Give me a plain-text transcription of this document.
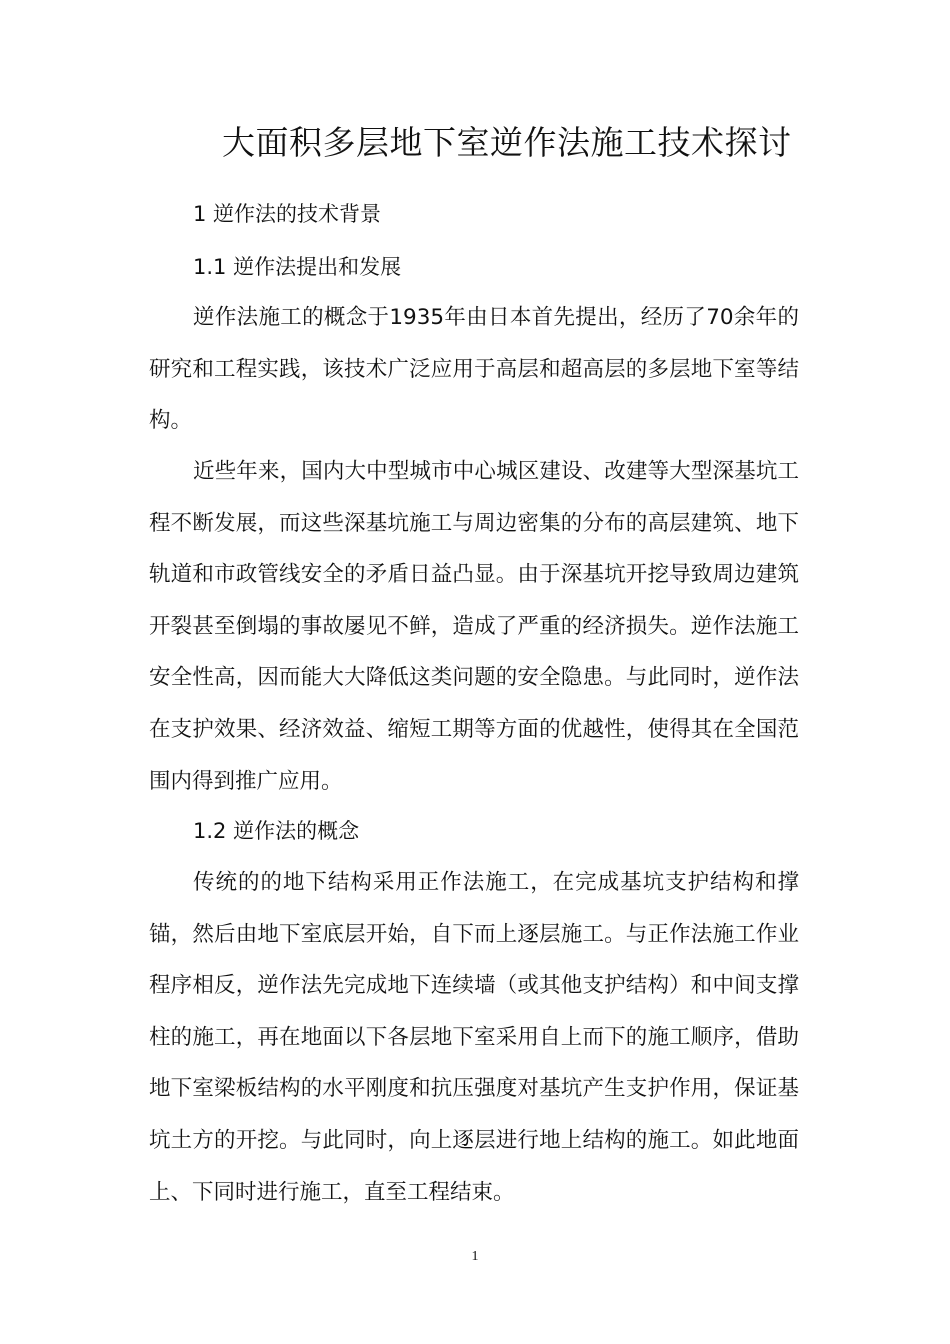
大面积多层地下室逆作法施工技术探讨
1 逆作法的技术背景
1.1 逆作法提出和发展

逆作法施工的概念于1935年由日本首先提出，经历了70余年的研究和工程实践，该技术广泛应用于高层和超高层的多层地下室等结构。

近些年来，国内大中型城市中心城区建设、改建等大型深基坑工程不断发展，而这些深基坑施工与周边密集的分布的高层建筑、地下轨道和市政管线安全的矛盾日益凸显。由于深基坑开挖导致周边建筑开裂甚至倒塌的事故屡见不鲜，造成了严重的经济损失。逆作法施工安全性高，因而能大大降低这类问题的安全隐患。与此同时，逆作法在支护效果、经济效益、缩短工期等方面的优越性，使得其在全国范围内得到推广应用。

1.2 逆作法的概念

传统的的地下结构采用正作法施工，在完成基坑支护结构和撑锚，然后由地下室底层开始，自下而上逐层施工。与正作法施工作业程序相反，逆作法先完成地下连续墙（或其他支护结构）和中间支撑柱的施工，再在地面以下各层地下室采用自上而下的施工顺序，借助地下室梁板结构的水平刚度和抗压强度对基坑产生支护作用，保证基坑土方的开挖。与此同时，向上逐层进行地上结构的施工。如此地面上、下同时进行施工，直至工程结束。

1
